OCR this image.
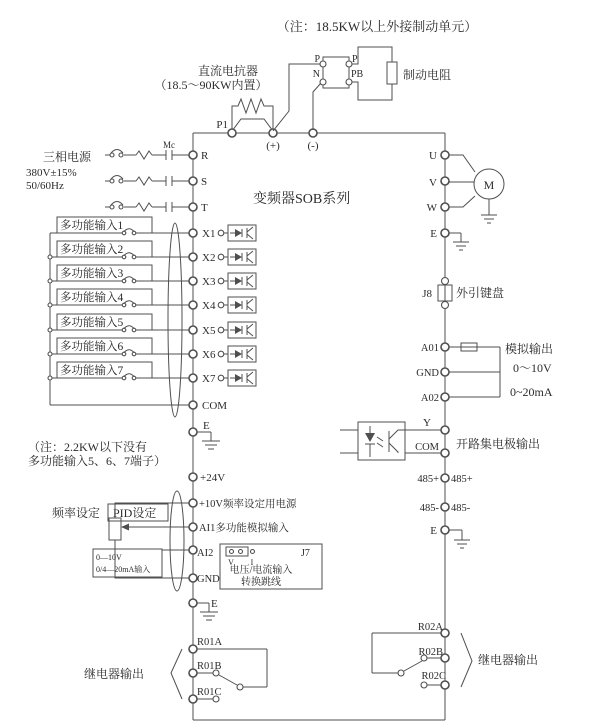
变频器SOB系列
（注：18.5KW以上外接制动单元）
直流电抗器
（18.5～90KW内置）
P1
(+)	(-)
P
N
P
PB	制动电阻
Mc
三相电源
380V±15%
50/60Hz
R
S
T
多功能输入1
X1
多功能输入2
X2
多功能输入3
X3
多功能输入4
X4
多功能输入5
X5
多功能输入6
X6
多功能输入7
X7
COM
E
+24V
（注：2.2KW以下没有
多功能输入5、6、7端子）
频率设定 PID设定
+10V频率设定用电源
AI1多功能模拟输入
0—10V
0/4—20mA输入
AI2
GND
V I
J7
电压/电流输入
转换跳线
E
R01A
R01B
R01C
继电器输出
M
U
V
W
E
J8 外引键盘
A01
GND
A02
模拟输出
0～10V
0~20mA
Y
COM 开路集电极输出
485+ 485+
485- 485-
E
R02A
R02B
R02C
继电器输出
